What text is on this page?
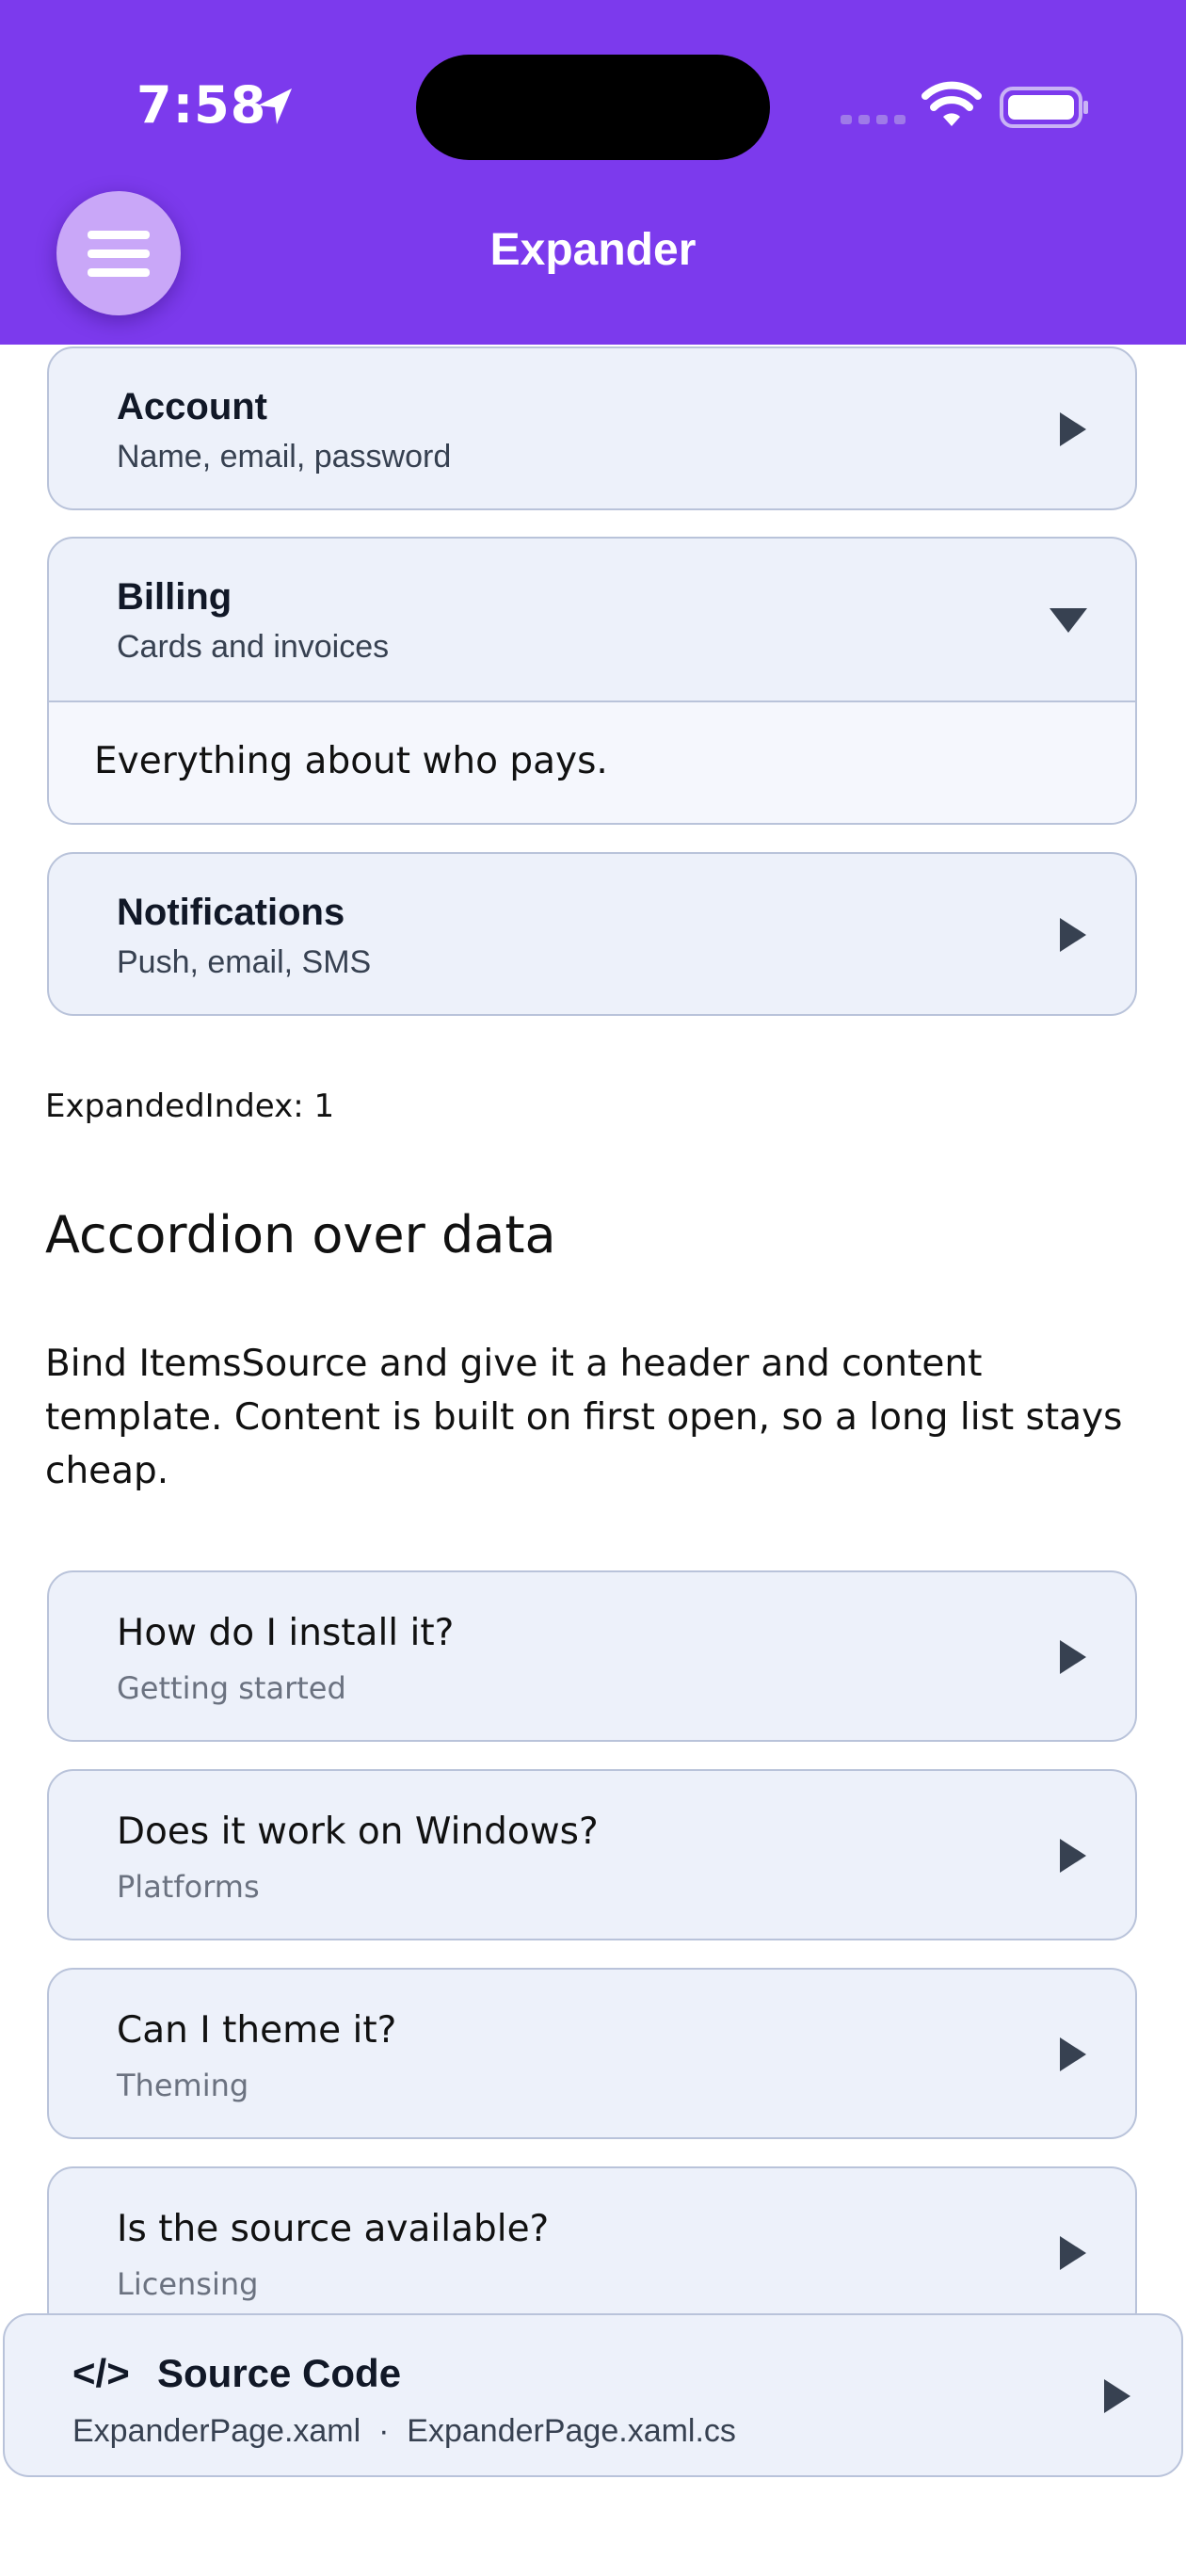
7:58
Expander
Account
Name, email, password
Billing
Cards and invoices
Everything about who pays.
Notifications
Push, email, SMS
ExpandedIndex: 1
Accordion over data

Bind ItemsSource and give it a header and content template. Content is built on first open, so a long list stays cheap.

How do I install it?
Getting started
Does it work on Windows?
Platforms
Can I theme it?
Theming
Is the source available?
Licensing
</> Source Code
ExpanderPage.xaml  ·  ExpanderPage.xaml.cs
